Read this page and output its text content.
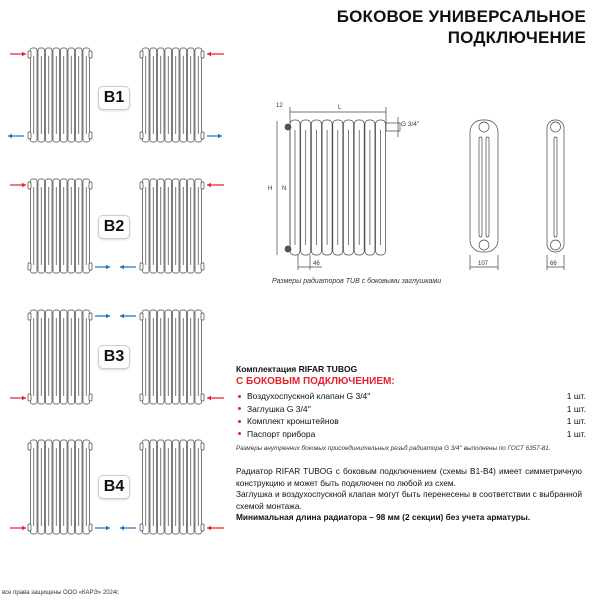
БОКОВОЕ УНИВЕРСАЛЬНОЕ
ПОДКЛЮЧЕНИЕ
B1
B2
B3
B4
12	L
G 3/4''
H N
46	107	66
Размеры радиаторов TUB с боковыми заглушками
Комплектация RIFAR TUBOG
С БОКОВЫМ ПОДКЛЮЧЕНИЕМ:
Воздухоспускной клапан G 3/4''	1 шт.
Заглушка G 3/4''	1 шт.
Комплект кронштейнов	1 шт.
Паспорт прибора	1 шт.
Размеры внутренних боковых присоединительных резьб радиатора G 3/4'' выполнены по ГОСТ 6357-81.
Радиатор RIFAR TUBOG с боковым подключением (схемы B1-B4) имеет симметричную конструкцию и может быть подключен по любой из схем.
Заглушка и воздухоспускной клапан могут быть перенесены в соответствии с выбранной схемой монтажа.
Минимальная длина радиатора – 98 мм (2 секции) без учета арматуры.
все права защищены ООО «КАРЭ» 2024г.
